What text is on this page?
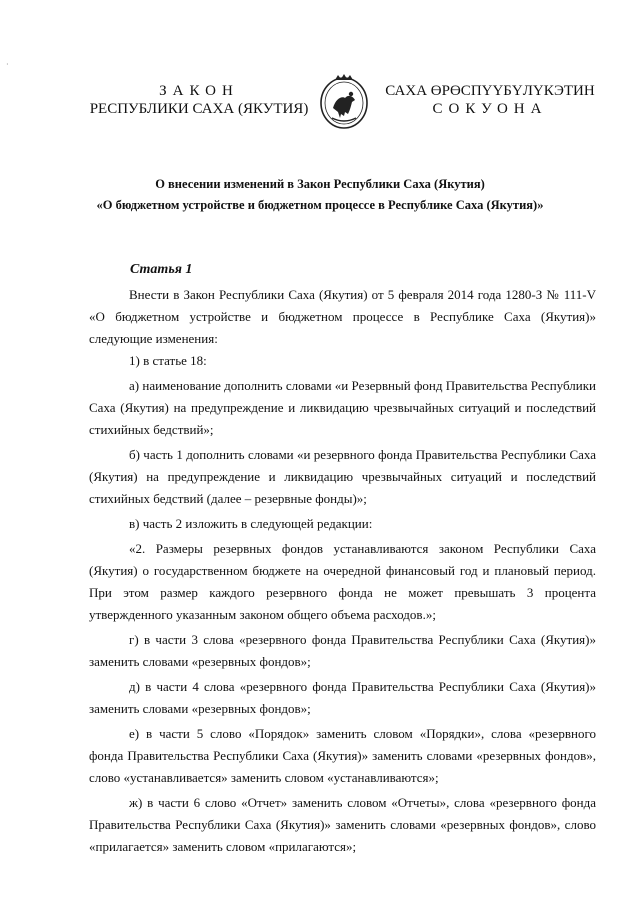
·
ЗАКОН
РЕСПУБЛИКИ САХА (ЯКУТИЯ)
САХА ӨРӨСПҮҮБҮЛҮКЭТИН
СОКУОНА
О внесении изменений в Закон Республики Саха (Якутия)
«О бюджетном устройстве и бюджетном процессе в Республике Саха (Якутия)»
Статья 1

Внести в Закон Республики Саха (Якутия) от 5 февраля 2014 года 1280-З № 111-V «О бюджетном устройстве и бюджетном процессе в Республике Саха (Якутия)» следующие изменения:

1) в статье 18:

а) наименование дополнить словами «и Резервный фонд Правительства Республики Саха (Якутия) на предупреждение и ликвидацию чрезвычайных ситуаций и последствий стихийных бедствий»;

б) часть 1 дополнить словами «и резервного фонда Правительства Республики Саха (Якутия) на предупреждение и ликвидацию чрезвычайных ситуаций и последствий стихийных бедствий (далее – резервные фонды)»;

в) часть 2 изложить в следующей редакции:

«2. Размеры резервных фондов устанавливаются законом Республики Саха (Якутия) о государственном бюджете на очередной финансовый год и плановый период. При этом размер каждого резервного фонда не может превышать 3 процента утвержденного указанным законом общего объема расходов.»;

г) в части 3 слова «резервного фонда Правительства Республики Саха (Якутия)» заменить словами «резервных фондов»;

д) в части 4 слова «резервного фонда Правительства Республики Саха (Якутия)» заменить словами «резервных фондов»;

е) в части 5 слово «Порядок» заменить словом «Порядки», слова «резервного фонда Правительства Республики Саха (Якутия)» заменить словами «резервных фондов», слово «устанавливается» заменить словом «устанавливаются»;

ж) в части 6 слово «Отчет» заменить словом «Отчеты», слова «резервного фонда Правительства Республики Саха (Якутия)» заменить словами «резервных фондов», слово «прилагается» заменить словом «прилагаются»;
